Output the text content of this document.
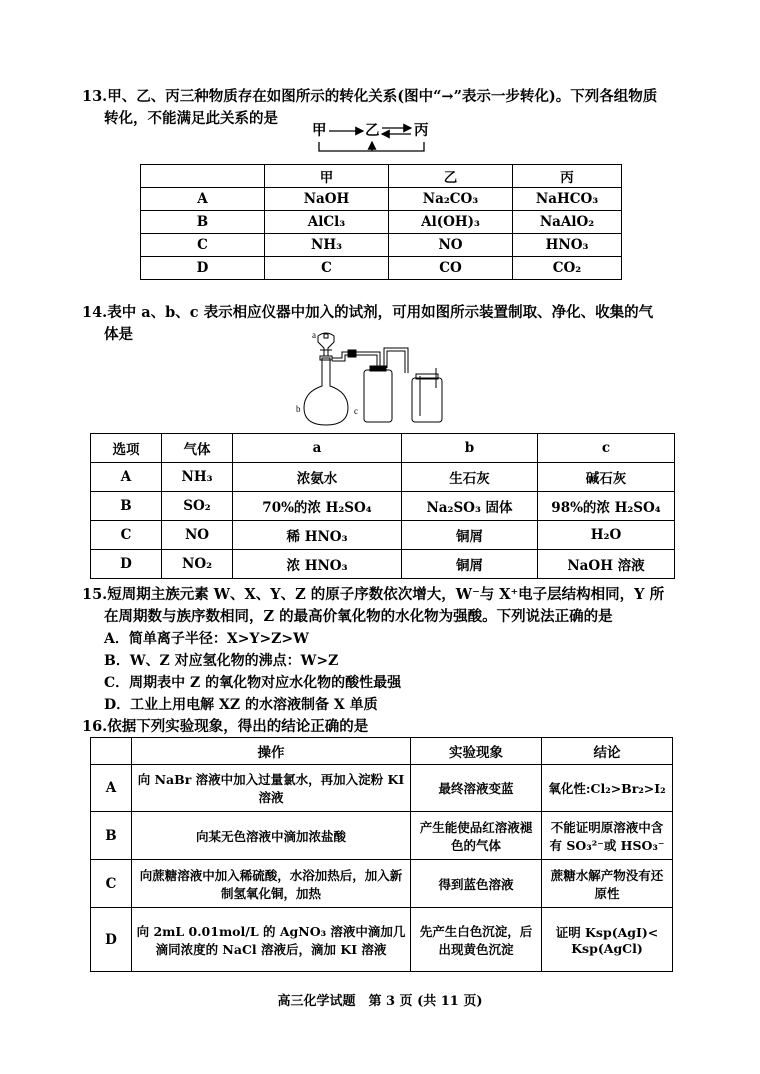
13.甲、乙、丙三种物质存在如图所示的转化关系(图中“→”表示一步转化)。下列各组物质
转化，不能满足此关系的是
甲	乙 丙
	甲	乙	丙
A	NaOH	Na₂CO₃	NaHCO₃
B	AlCl₃	Al(OH)₃	NaAlO₂
C	NH₃	NO	HNO₃
D	C	CO	CO₂
14.表中 a、b、c 表示相应仪器中加入的试剂，可用如图所示装置制取、净化、收集的气
体是	a
b	c
选项	气体	a	b	c
A	NH₃	浓氨水	生石灰	碱石灰
B	SO₂	70%的浓 H₂SO₄	Na₂SO₃ 固体	98%的浓 H₂SO₄
C	NO	稀 HNO₃	铜屑	H₂O
D	NO₂	浓 HNO₃	铜屑	NaOH 溶液
15.短周期主族元素 W、X、Y、Z 的原子序数依次增大，W⁻与 X⁺电子层结构相同，Y 所
在周期数与族序数相同，Z 的最高价氧化物的水化物为强酸。下列说法正确的是
A．简单离子半径：X>Y>Z>W
B．W、Z 对应氢化物的沸点：W>Z
C．周期表中 Z 的氧化物对应水化物的酸性最强
D．工业上用电解 XZ 的水溶液制备 X 单质
16.依据下列实验现象，得出的结论正确的是
	操作	实验现象	结论
A	向 NaBr 溶液中加入过量氯水，再加入淀粉 KI 溶液	最终溶液变蓝	氧化性:Cl₂>Br₂>I₂
B	向某无色溶液中滴加浓盐酸	产生能使品红溶液褪色的气体	不能证明原溶液中含有 SO₃²⁻或 HSO₃⁻
C	向蔗糖溶液中加入稀硫酸，水浴加热后，加入新制氢氧化铜，加热	得到蓝色溶液	蔗糖水解产物没有还原性
D	向 2mL 0.01mol/L 的 AgNO₃ 溶液中滴加几滴同浓度的 NaCl 溶液后，滴加 KI 溶液	先产生白色沉淀，后出现黄色沉淀	证明 Ksp(AgI)< Ksp(AgCl)
高三化学试题　第 3 页 (共 11 页)
